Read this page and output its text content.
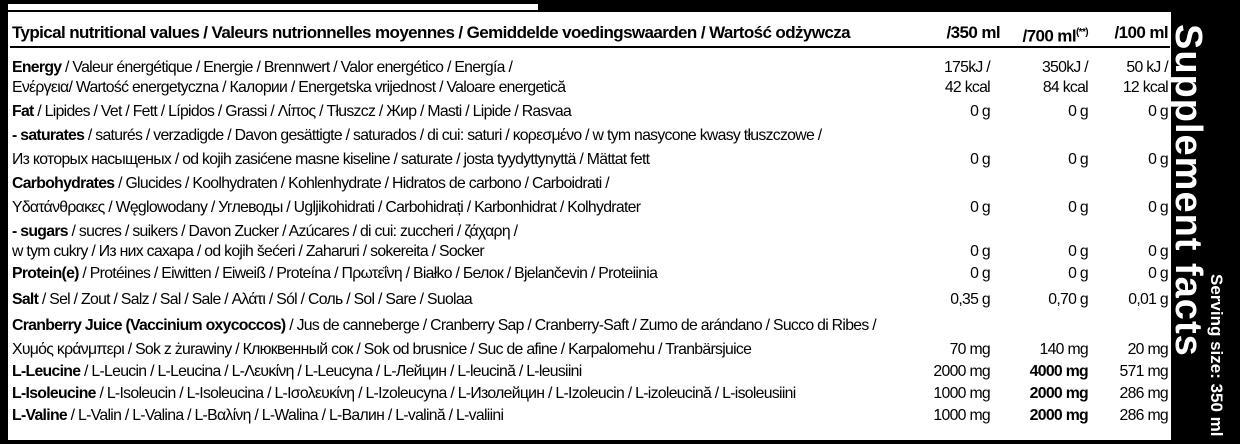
Typical nutritional values / Valeurs nutrionnelles moyennes / Gemiddelde voedingswaarden / Wartość odżywcza	/350 ml /700 ml(**) /100 ml
Energy / Valeur énergétique / Energie / Brennwert / Valor energético / Energía /	175kJ /	350kJ / 50 kJ /
Ενέργεια/ Wartość energetyczna / Калории / Energetska vrijednost / Valoare energetică	42 kcal	84 kcal 12 kcal
Fat / Lipides / Vet / Fett / Lípidos / Grassi / Λίπος / Tłuszcz / Жир / Masti / Lipide / Rasvaa	0 g	0 g	0 g
- saturates / saturés / verzadigde / Davon gesättigte / saturados / di cui: saturi / κορεσμένο / w tym nasycone kwasy tłuszczowe /
Из которых насыщеных / od kojih zasićene masne kiseline / saturate / josta tyydyttynyttä / Mättat fett	0 g	0 g	0 g
Carbohydrates / Glucides / Koolhydraten / Kohlenhydrate / Hidratos de carbono / Carboidrati /
Υδατάνθρακες / Węglowodany / Углеводы / Ugljikohidrati / Carbohidrați / Karbonhidrat / Kolhydrater	0 g	0 g	0 g
- sugars / sucres / suikers / Davon Zucker / Azúcares / di cui: zuccheri / ζάχαρη /
w tym cukry / Из них сахара / od kojih šećeri / Zaharuri / sokereita / Socker	0 g	0 g	0 g
Protein(e) / Protéines / Eiwitten / Eiweiß / Proteína / Πρωτεΐνη / Białko / Белок / Bjelančevin / Proteiinia	0 g	0 g	0 g
Salt / Sel / Zout / Salz / Sal / Sale / Αλάτι / Sól / Соль / Sol / Sare / Suolaa	0,35 g	0,70 g	0,01 g
Cranberry Juice (Vaccinium oxycoccos) / Jus de canneberge / Cranberry Sap / Cranberry-Saft / Zumo de arándano / Succo di Ribes /
Χυμός κράνμπερι / Sok z żurawiny / Клюквенный сок / Sok od brusnice / Suc de afine / Karpalomehu / Tranbärsjuice	70 mg	140 mg	20 mg
L-Leucine / L-Leucin / L-Leucina / L-Λευκίνη / L-Leucyna / L-Лейцин / L-leucină / L-leusiini	2000 mg	4000 mg 571 mg
L-Isoleucine / L-Isoleucin / L-Isoleucina / L-Ισολευκίνη / L-Izoleucyna / L-Изолейцин / L-Izoleucin / L-izoleucină / L-isoleusiini	1000 mg	2000 mg 286 mg
L-Valine / L-Valin / L-Valina / L-Βαλίνη / L-Walina / L-Валин / L-valină / L-valiini	1000 mg	2000 mg 286 mg
Supplement facts
Serving size: 350 ml
